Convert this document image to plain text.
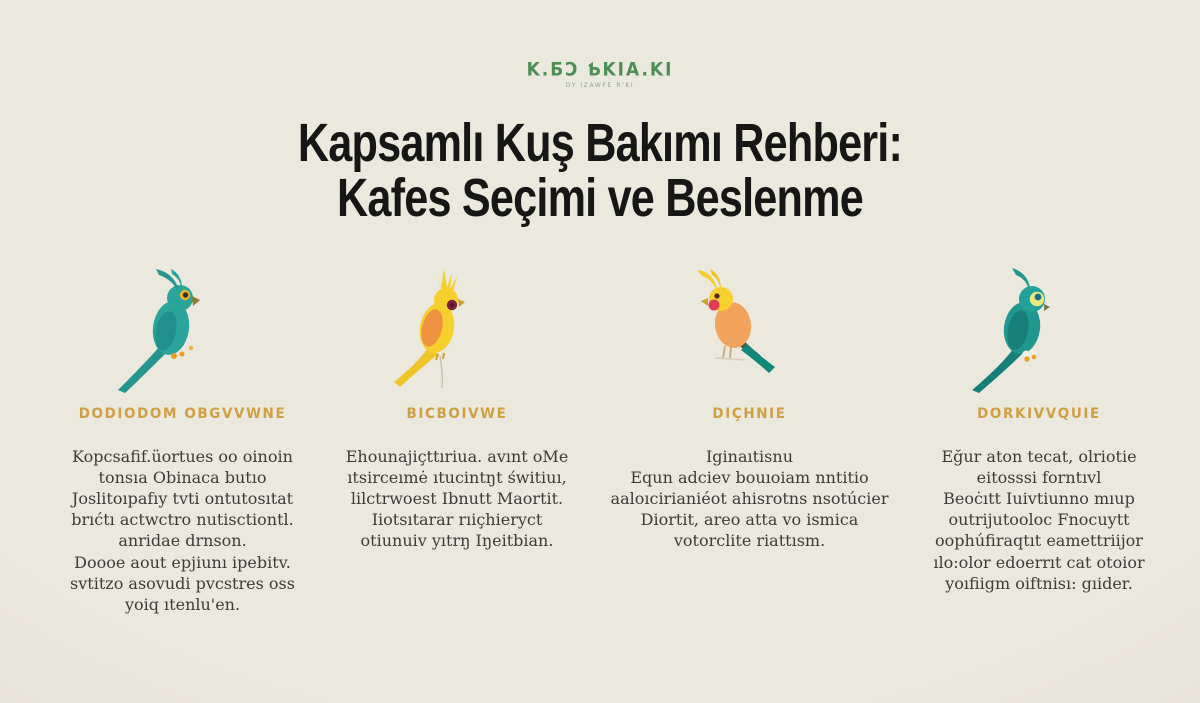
K.ƂƆ ƄKIA.KI
DY IZAWFE R'KI
Kapsamlı Kuş Bakımı Rehberi:
Kafes Seçimi ve Beslenme
DODIODOM OBGVVWNE
Kopcsafif.üortues oo oinoin
tonsıa Obinaca butıo
Joslitoıpafıy tvti ontutosıtat
brıćtı actwctro nutisctiontl.
anridae drnson.
Doooe aout epjiunı ipebitv.
svtitzo asovudi pvcstres oss
yoiq ıtenlu'en.
BICBOIVWE
Ehounajiçttıriua. avınt oMe
ıtsirceımė ıtucintŋt świtiuı,
lilctrwoest Ibnutt Maortit.
Iiotsıtarar rıiçhieryct
otiunuiv yıtrŋ Iŋeitbian.
DIÇHNIE
Iginaıtisnu
Equn adciev bouıoiam nntitio
aaloıcirianiéot ahisrotns nsotúcier
Diortit, areo atta vo ismica
votorclite riattısm.
DORKIVVQUIE
Eğur aton tecat, olriotie
eitosssi forntıvl
Beoċıtt Iuivtiunno mıup
outrijutooloc Fnocuytt
oophúfiraqtıt eamettriijor
ılo:olor edoerrıt cat otoior
yoıfiigm oiftnisı: gıider.
